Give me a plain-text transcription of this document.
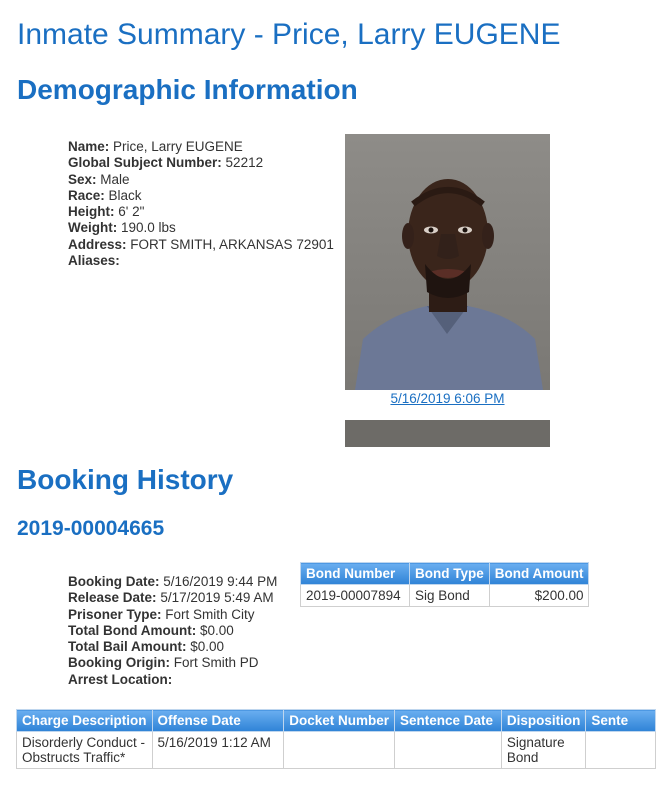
Inmate Summary - Price, Larry EUGENE
Demographic Information
Name: Price, Larry EUGENE
Global Subject Number: 52212
Sex: Male
Race: Black
Height: 6' 2"
Weight: 190.0 lbs
Address: FORT SMITH, ARKANSAS 72901
Aliases:
5/16/2019 6:06 PM
Booking History
2019-00004665
Booking Date: 5/16/2019 9:44 PM
Release Date: 5/17/2019 5:49 AM
Prisoner Type: Fort Smith City
Total Bond Amount: $0.00
Total Bail Amount: $0.00
Booking Origin: Fort Smith PD
Arrest Location:
Bond Number	Bond Type	Bond Amount
2019-00007894	Sig Bond	$200.00
Charge Description	Offense Date	Docket Number	Sentence Date	Disposition	Sente
Disorderly Conduct - Obstructs Traffic*	5/16/2019 1:12 AM			Signature Bond	
